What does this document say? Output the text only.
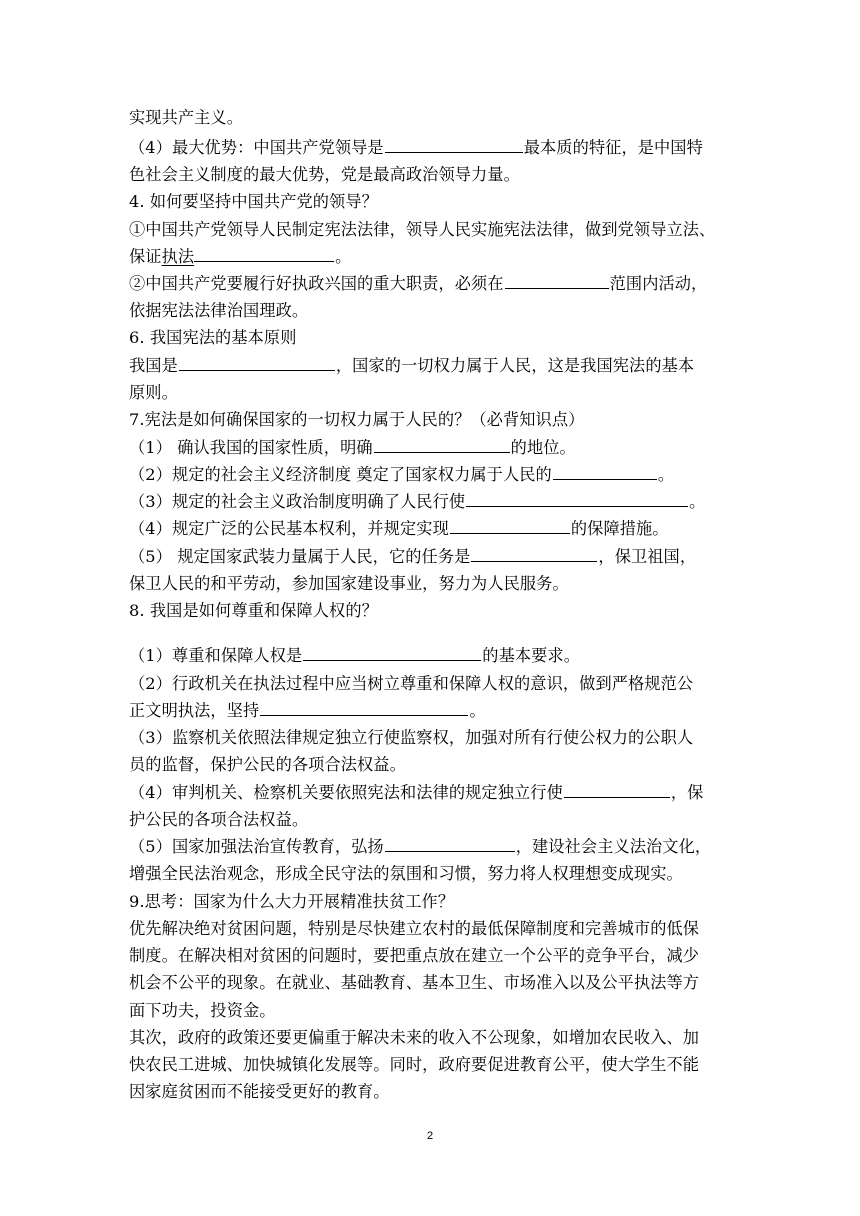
实现共产主义。
（4）最大优势：中国共产党领导是	最本质的特征，是中国特
色社会主义制度的最大优势，党是最高政治领导力量。
4. 如何要坚持中国共产党的领导？
①中国共产党领导人民制定宪法法律，领导人民实施宪法法律，做到党领导立法、
保证执法	。
②中国共产党要履行好执政兴国的重大职责，必须在	范围内活动，
依据宪法法律治国理政。
6. 我国宪法的基本原则
我国是	，国家的一切权力属于人民，这是我国宪法的基本
原则。
7.宪法是如何确保国家的一切权力属于人民的？（必背知识点）
（1） 确认我国的国家性质，明确	的地位。
（2）规定的社会主义经济制度 奠定了国家权力属于人民的	。
（3）规定的社会主义政治制度明确了人民行使	。
（4）规定广泛的公民基本权利，并规定实现	的保障措施。
（5） 规定国家武装力量属于人民，它的任务是	，保卫祖国，
保卫人民的和平劳动，参加国家建设事业，努力为人民服务。
8. 我国是如何尊重和保障人权的？
（1）尊重和保障人权是	的基本要求。
（2）行政机关在执法过程中应当树立尊重和保障人权的意识，做到严格规范公
正文明执法，坚持	。
（3）监察机关依照法律规定独立行使监察权，加强对所有行使公权力的公职人
员的监督，保护公民的各项合法权益。
（4）审判机关、检察机关要依照宪法和法律的规定独立行使	，保
护公民的各项合法权益。
（5）国家加强法治宣传教育，弘扬	，建设社会主义法治文化，
增强全民法治观念，形成全民守法的氛围和习惯，努力将人权理想变成现实。
9.思考：国家为什么大力开展精准扶贫工作？
优先解决绝对贫困问题，特别是尽快建立农村的最低保障制度和完善城市的低保
制度。在解决相对贫困的问题时，要把重点放在建立一个公平的竞争平台，减少
机会不公平的现象。在就业、基础教育、基本卫生、市场准入以及公平执法等方
面下功夫，投资金。
其次，政府的政策还要更偏重于解决未来的收入不公现象，如增加农民收入、加
快农民工进城、加快城镇化发展等。同时，政府要促进教育公平，使大学生不能
因家庭贫困而不能接受更好的教育。
2
